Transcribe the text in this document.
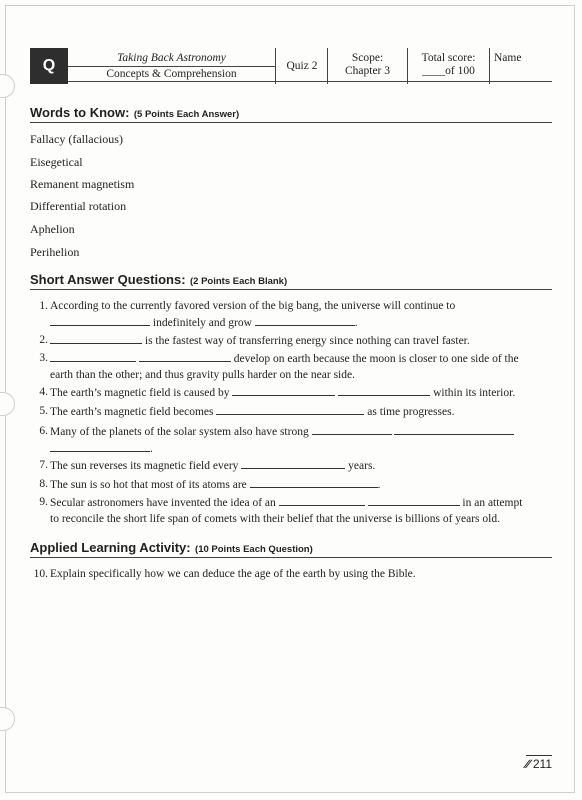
Q	Taking Back Astronomy
Concepts & Comprehension
Quiz 2
Scope:
Chapter 3
Total score:
____of 100
Name
Words to Know: (5 Points Each Answer)
Fallacy (fallacious)
Eisegetical
Remanent magnetism
Differential rotation
Aphelion
Perihelion
Short Answer Questions: (2 Points Each Blank)
1. According to the currently favored version of the big bang, the universe will continue to
indefinitely and grow	.
2.	is the fastest way of transferring energy since nothing can travel faster.
3.	develop on earth because the moon is closer to one side of the
earth than the other; and thus gravity pulls harder on the near side.
4. The earth’s magnetic field is caused by	within its interior.
5. The earth’s magnetic field becomes	as time progresses.
6. Many of the planets of the solar system also have strong
.
7. The sun reverses its magnetic field every	years.
8. The sun is so hot that most of its atoms are	.
9. Secular astronomers have invented the idea of an	in an attempt
to reconcile the short life span of comets with their belief that the universe is billions of years old.
Applied Learning Activity: (10 Points Each Question)
10. Explain specifically how we can deduce the age of the earth by using the Bible.
∕∕ 211
